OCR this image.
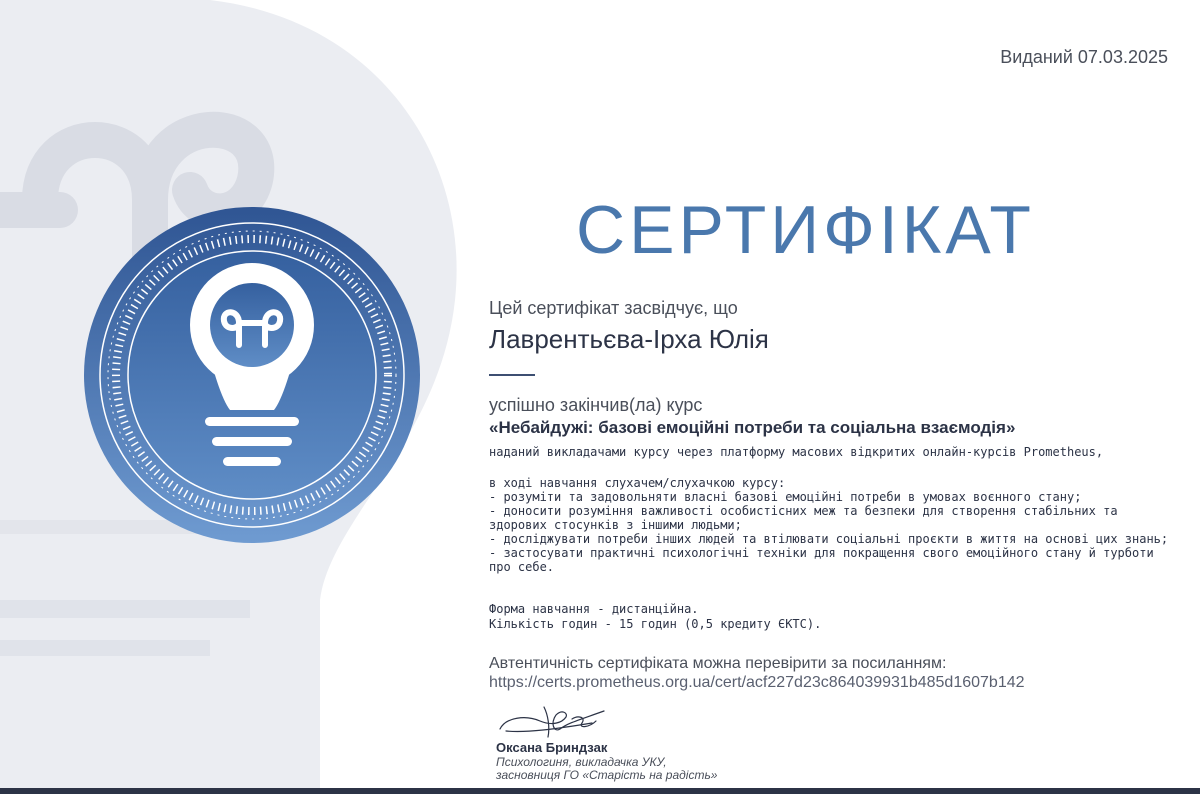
Виданий 07.03.2025
СЕРТИФІКАТ

Цей сертифікат засвідчує, що

Лаврентьєва-Ірха Юлія

успішно закінчив(ла) курс

«Небайдужі: базові емоційні потреби та соціальна взаємодія»

наданий викладачами курсу через платформу масових відкритих онлайн-курсів Prometheus,

в ході навчання слухачем/слухачкою курсу:

- розуміти та задовольняти власні базові емоційні потреби в умовах воєнного стану;
- доносити розуміння важливості особистісних меж та безпеки для створення стабільних та
здорових стосунків з іншими людьми;
- досліджувати потреби інших людей та втілювати соціальні проєкти в життя на основі цих знань;
- застосувати практичні психологічні техніки для покращення свого емоційного стану й турботи
про себе.

Форма навчання - дистанційна.

Кількість годин - 15 годин (0,5 кредиту ЄКТС).

Автентичність сертифіката можна перевірити за посиланням:

https://certs.prometheus.org.ua/cert/acf227d23c864039931b485d1607b142

Оксана Бриндзак

Психологиня, викладачка УКУ,

засновниця ГО «Старість на радість»
